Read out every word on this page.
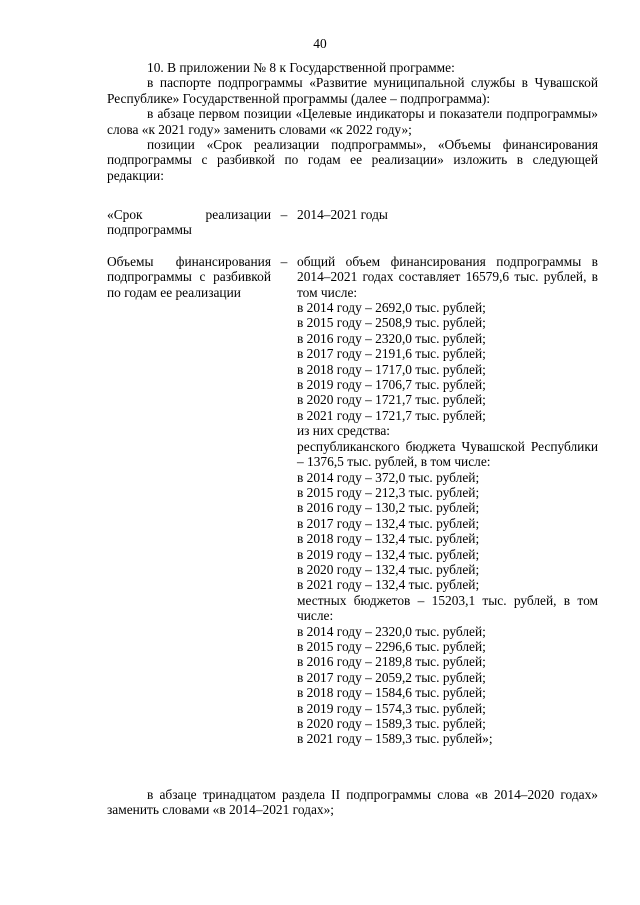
40

10. В приложении № 8 к Государственной программе:

в паспорте подпрограммы «Развитие муниципальной службы в Чувашской Республике» Государственной программы (далее – подпрограмма):

в абзаце первом позиции «Целевые индикаторы и показатели подпрограммы» слова «к 2021 году» заменить словами «к 2022 году»;

позиции «Срок реализации подпрограммы», «Объемы финансирования подпрограммы с разбивкой по годам ее реализации» изложить в следующей редакции:

«Срок реализации подпрограммы
– 2014–2021 годы
Объемы финансирования подпрограммы с разбивкой по годам ее реализации
– общий объем финансирования подпрограммы в 2014–2021 годах составляет 16579,6 тыс. рублей, в том числе:
в 2014 году – 2692,0 тыс. рублей;
в 2015 году – 2508,9 тыс. рублей;
в 2016 году – 2320,0 тыс. рублей;
в 2017 году – 2191,6 тыс. рублей;
в 2018 году – 1717,0 тыс. рублей;
в 2019 году – 1706,7 тыс. рублей;
в 2020 году – 1721,7 тыс. рублей;
в 2021 году – 1721,7 тыс. рублей;
из них средства:
республиканского бюджета Чувашской Республики – 1376,5 тыс. рублей, в том числе:
в 2014 году – 372,0 тыс. рублей;
в 2015 году – 212,3 тыс. рублей;
в 2016 году – 130,2 тыс. рублей;
в 2017 году – 132,4 тыс. рублей;
в 2018 году – 132,4 тыс. рублей;
в 2019 году – 132,4 тыс. рублей;
в 2020 году – 132,4 тыс. рублей;
в 2021 году – 132,4 тыс. рублей;
местных бюджетов – 15203,1 тыс. рублей, в том числе:
в 2014 году – 2320,0 тыс. рублей;
в 2015 году – 2296,6 тыс. рублей;
в 2016 году – 2189,8 тыс. рублей;
в 2017 году – 2059,2 тыс. рублей;
в 2018 году – 1584,6 тыс. рублей;
в 2019 году – 1574,3 тыс. рублей;
в 2020 году – 1589,3 тыс. рублей;
в 2021 году – 1589,3 тыс. рублей»;

в абзаце тринадцатом раздела II подпрограммы слова «в 2014–2020 годах» заменить словами «в 2014–2021 годах»;
